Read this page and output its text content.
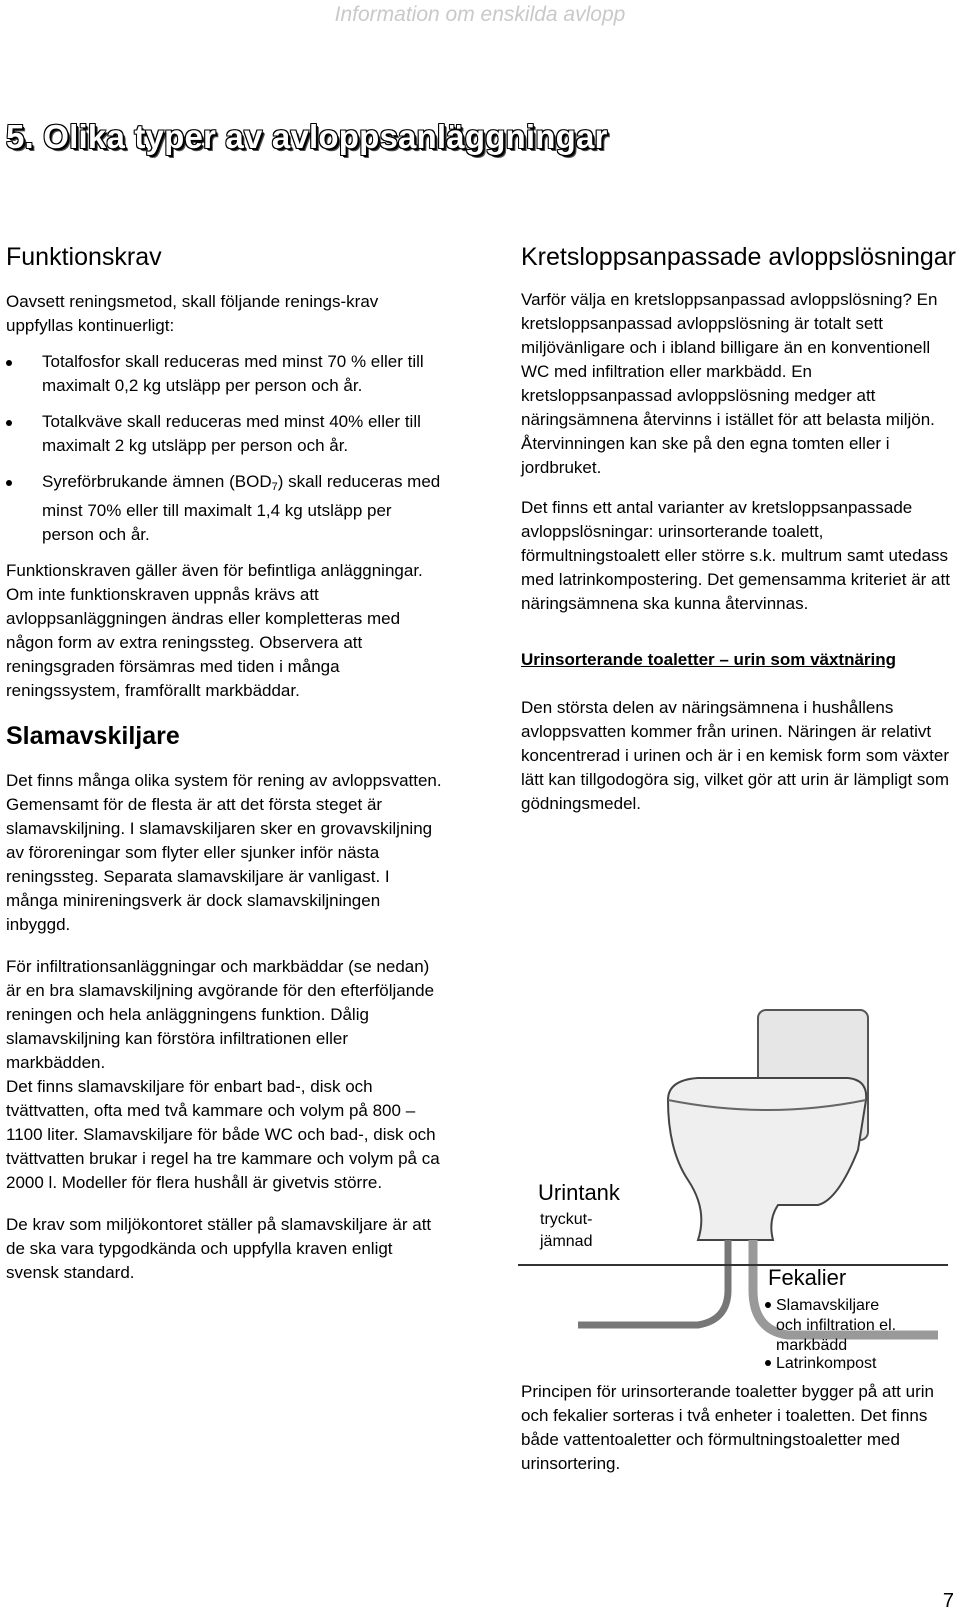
Information om enskilda avlopp
5. Olika typer av avloppsanläggningar
Funktionskrav

Oavsett reningsmetod, skall följande renings-krav uppfyllas kontinuerligt:

Totalfosfor skall reduceras med minst 70 % eller till maximalt 0,2 kg utsläpp per person och år.
Totalkväve skall reduceras med minst 40% eller till maximalt 2 kg utsläpp per person och år.
Syreförbrukande ämnen $(BOD_7)$ skall reduceras med minst 70% eller till maximalt 1,4 kg utsläpp per person och år.

Funktionskraven gäller även för befintliga anläggningar. Om inte funktionskraven uppnås krävs att avloppsanläggningen ändras eller kompletteras med någon form av extra reningssteg. Observera att reningsgraden försämras med tiden i många reningssystem, framförallt markbäddar.

Slamavskiljare

Det finns många olika system för rening av avloppsvatten. Gemensamt för de flesta är att det första steget är slamavskiljning. I slamavskiljaren sker en grovavskiljning av föroreningar som flyter eller sjunker inför nästa reningssteg. Separata slamavskiljare är vanligast. I många minireningsverk är dock slamavskiljningen inbyggd.

För infiltrationsanläggningar och markbäddar (se nedan) är en bra slamavskiljning avgörande för den efterföljande reningen och hela anläggningens funktion. Dålig slamavskiljning kan förstöra infiltrationen eller markbädden.

Det finns slamavskiljare för enbart bad-, disk och tvättvatten, ofta med två kammare och volym på 800 –1100 liter. Slamavskiljare för både WC och bad-, disk och tvättvatten brukar i regel ha tre kammare och volym på ca 2000 l. Modeller för flera hushåll är givetvis större.

De krav som miljökontoret ställer på slamavskiljare är att de ska vara typgodkända och uppfylla kraven enligt svensk standard.

Kretsloppsanpassade avloppslösningar

Varför välja en kretsloppsanpassad avloppslösning? En kretsloppsanpassad avloppslösning är totalt sett miljövänligare och i ibland billigare än en konventionell WC med infiltration eller markbädd. En kretsloppsanpassad avloppslösning medger att näringsämnena återvinns i istället för att belasta miljön. Återvinningen kan ske på den egna tomten eller i jordbruket.

Det finns ett antal varianter av kretsloppsanpassade avloppslösningar: urinsorterande toalett, förmultningstoalett eller större s.k. multrum samt utedass med latrinkompostering. Det gemensamma kriteriet är att näringsämnena ska kunna återvinnas.

Urinsorterande toaletter – urin som växtnäring

Den största delen av näringsämnena i hushållens avloppsvatten kommer från urinen. Näringen är relativt koncentrerad i urinen och är i en kemisk form som växter lätt kan tillgodogöra sig, vilket gör att urin är lämpligt som gödningsmedel.

Urintank
tryckut-
jämnad
Fekalier
Slamavskiljare
och infiltration el.
markbädd
Latrinkompost

Principen för urinsorterande toaletter bygger på att urin och fekalier sorteras i två enheter i toaletten. Det finns både vattentoaletter och förmultningstoaletter med urinsortering.

7
